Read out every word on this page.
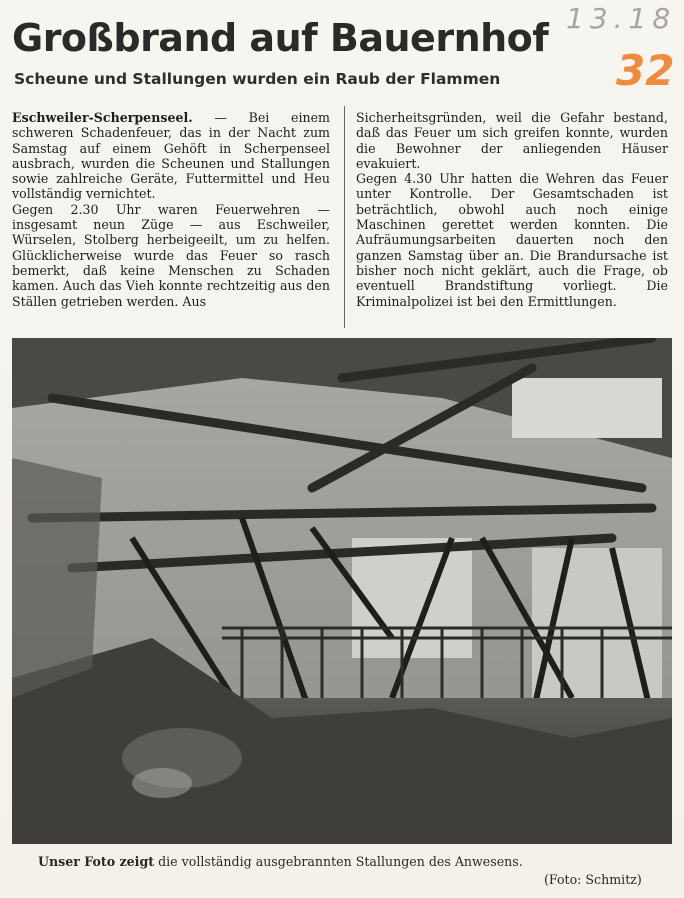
13.18
32
Großbrand auf Bauernhof
Scheune und Stallungen wurden ein Raub der Flammen

Eschweiler-Scherpenseel. — Bei einem schweren Schadenfeuer, das in der Nacht zum Samstag auf einem Gehöft in Scherpenseel ausbrach, wurden die Scheunen und Stallungen sowie zahlreiche Geräte, Futtermittel und Heu vollständig vernichtet.

Gegen 2.30 Uhr waren Feuerwehren — insgesamt neun Züge — aus Eschweiler, Würselen, Stolberg herbeigeeilt, um zu helfen. Glücklicherweise wurde das Feuer so rasch bemerkt, daß keine Menschen zu Schaden kamen. Auch das Vieh konnte rechtzeitig aus den Ställen getrieben werden. Aus

Sicherheitsgründen, weil die Gefahr bestand, daß das Feuer um sich greifen konnte, wurden die Bewohner der anliegenden Häuser evakuiert.

Gegen 4.30 Uhr hatten die Wehren das Feuer unter Kontrolle. Der Gesamtschaden ist beträchtlich, obwohl auch noch einige Maschinen gerettet werden konnten. Die Aufräumungsarbeiten dauerten noch den ganzen Samstag über an. Die Brandursache ist bisher noch nicht geklärt, auch die Frage, ob eventuell Brandstiftung vorliegt. Die Kriminalpolizei ist bei den Ermittlungen.

Unser Foto zeigt die vollständig ausgebrannten Stallungen des Anwesens.
(Foto: Schmitz)
